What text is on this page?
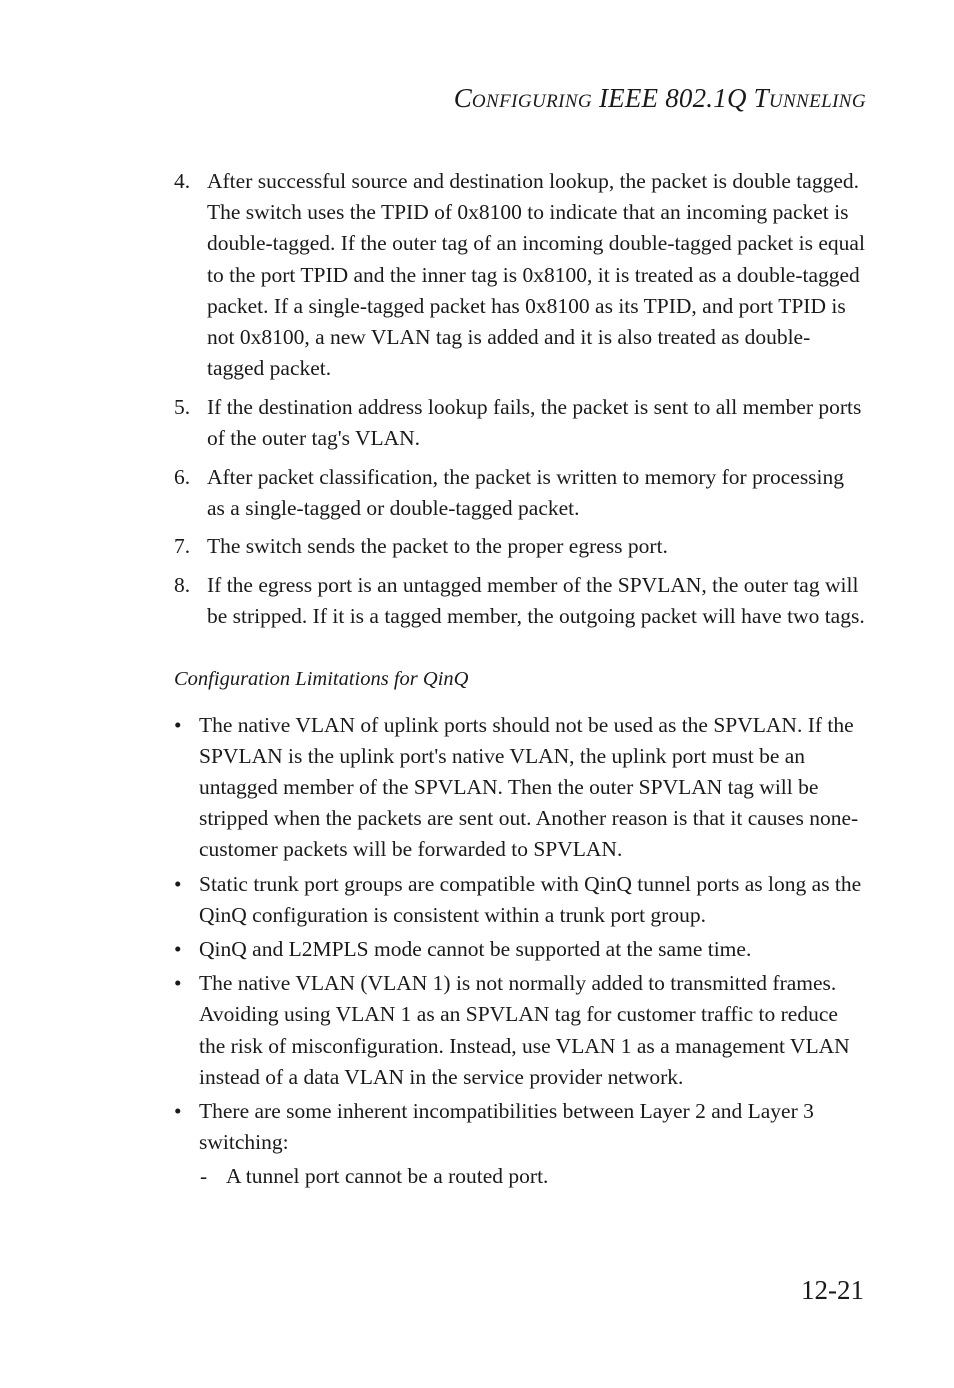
CONFIGURING IEEE 802.1Q TUNNELING
4. After successful source and destination lookup, the packet is double tagged. The switch uses the TPID of 0x8100 to indicate that an incoming packet is double-tagged. If the outer tag of an incoming double-tagged packet is equal to the port TPID and the inner tag is 0x8100, it is treated as a double-tagged packet. If a single-tagged packet has 0x8100 as its TPID, and port TPID is not 0x8100, a new VLAN tag is added and it is also treated as double-tagged packet.
5. If the destination address lookup fails, the packet is sent to all member ports of the outer tag's VLAN.
6. After packet classification, the packet is written to memory for processing as a single-tagged or double-tagged packet.
7. The switch sends the packet to the proper egress port.
8. If the egress port is an untagged member of the SPVLAN, the outer tag will be stripped. If it is a tagged member, the outgoing packet will have two tags.
Configuration Limitations for QinQ
• The native VLAN of uplink ports should not be used as the SPVLAN. If the SPVLAN is the uplink port's native VLAN, the uplink port must be an untagged member of the SPVLAN. Then the outer SPVLAN tag will be stripped when the packets are sent out. Another reason is that it causes none-customer packets will be forwarded to SPVLAN.
• Static trunk port groups are compatible with QinQ tunnel ports as long as the QinQ configuration is consistent within a trunk port group.
• QinQ and L2MPLS mode cannot be supported at the same time.
• The native VLAN (VLAN 1) is not normally added to transmitted frames. Avoiding using VLAN 1 as an SPVLAN tag for customer traffic to reduce the risk of misconfiguration. Instead, use VLAN 1 as a management VLAN instead of a data VLAN in the service provider network.
• There are some inherent incompatibilities between Layer 2 and Layer 3 switching:
- A tunnel port cannot be a routed port.
12-21
